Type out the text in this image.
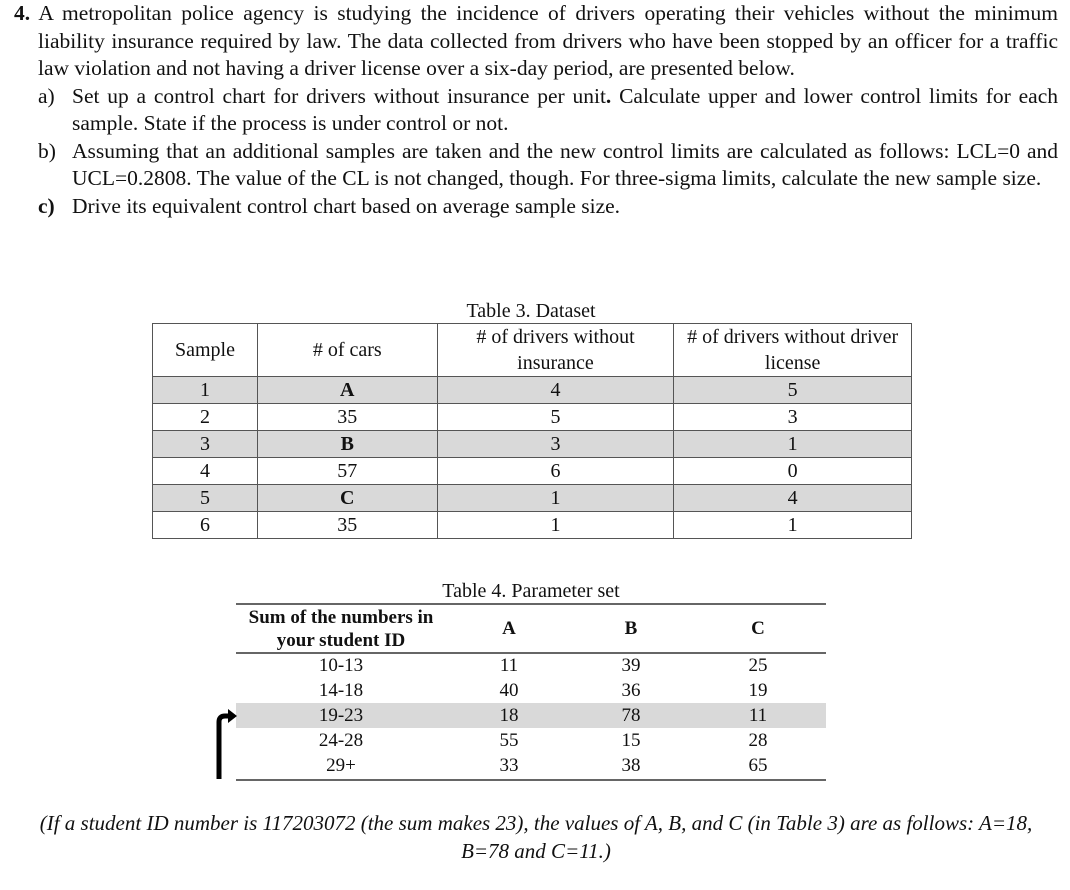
4. A metropolitan police agency is studying the incidence of drivers operating their vehicles without the minimum liability insurance required by law. The data collected from drivers who have been stopped by an officer for a traffic law violation and not having a driver license over a six-day period, are presented below.
a) Set up a control chart for drivers without insurance per unit. Calculate upper and lower control limits for each sample. State if the process is under control or not.
b) Assuming that an additional samples are taken and the new control limits are calculated as follows: LCL=0 and UCL=0.2808. The value of the CL is not changed, though. For three-sigma limits, calculate the new sample size.
c) Drive its equivalent control chart based on average sample size.
Table 3. Dataset
Sample	# of cars	# of drivers without insurance	# of drivers without driver license
1	A	4	5
2	35	5	3
3	B	3	1
4	57	6	0
5	C	1	4
6	35	1	1
Table 4. Parameter set
Sum of the numbers in your student ID	A	B	C
10-13	11	39	25
14-18	40	36	19
19-23	18	78	11
24-28	55	15	28
29+	33	38	65
(If a student ID number is 117203072 (the sum makes 23), the values of A, B, and C (in Table 3) are as follows: A=18, B=78 and C=11.)
